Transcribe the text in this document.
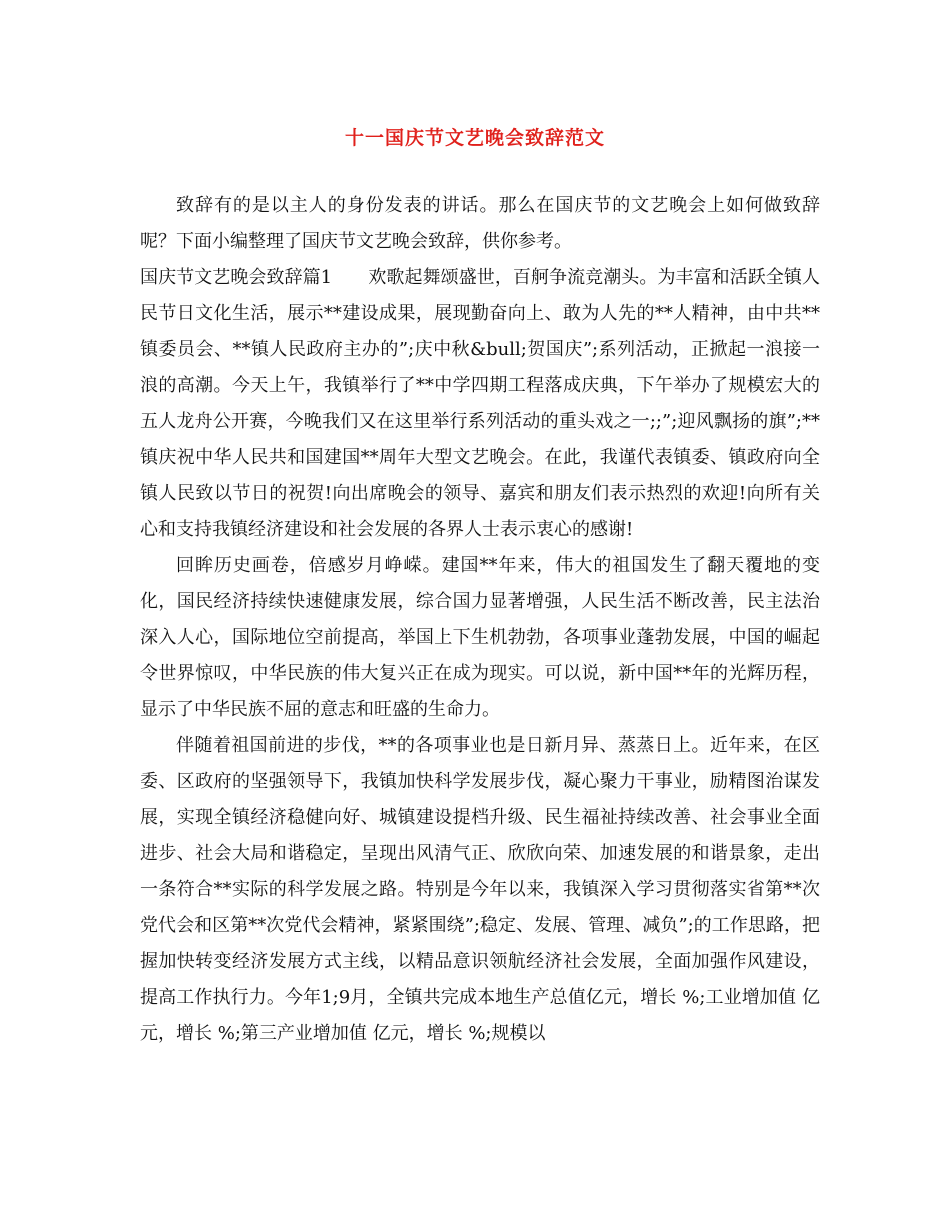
十一国庆节文艺晚会致辞范文

致辞有的是以主人的身份发表的讲话。那么在国庆节的文艺晚会上如何做致辞呢？下面小编整理了国庆节文艺晚会致辞，供你参考。

国庆节文艺晚会致辞篇1　　欢歌起舞颂盛世，百舸争流竞潮头。为丰富和活跃全镇人民节日文化生活，展示**建设成果，展现勤奋向上、敢为人先的**人精神，由中共**镇委员会、**镇人民政府主办的”;庆中秋&bull;贺国庆”;系列活动，正掀起一浪接一浪的高潮。今天上午，我镇举行了**中学四期工程落成庆典，下午举办了规模宏大的五人龙舟公开赛，今晚我们又在这里举行系列活动的重头戏之一;;”;迎风飘扬的旗”;**镇庆祝中华人民共和国建国**周年大型文艺晚会。在此，我谨代表镇委、镇政府向全镇人民致以节日的祝贺!向出席晚会的领导、嘉宾和朋友们表示热烈的欢迎!向所有关心和支持我镇经济建设和社会发展的各界人士表示衷心的感谢!

回眸历史画卷，倍感岁月峥嵘。建国**年来，伟大的祖国发生了翻天覆地的变化，国民经济持续快速健康发展，综合国力显著增强，人民生活不断改善，民主法治深入人心，国际地位空前提高，举国上下生机勃勃，各项事业蓬勃发展，中国的崛起令世界惊叹，中华民族的伟大复兴正在成为现实。可以说，新中国**年的光辉历程，显示了中华民族不屈的意志和旺盛的生命力。

伴随着祖国前进的步伐，**的各项事业也是日新月异、蒸蒸日上。近年来，在区委、区政府的坚强领导下，我镇加快科学发展步伐，凝心聚力干事业，励精图治谋发展，实现全镇经济稳健向好、城镇建设提档升级、民生福祉持续改善、社会事业全面进步、社会大局和谐稳定，呈现出风清气正、欣欣向荣、加速发展的和谐景象，走出一条符合**实际的科学发展之路。特别是今年以来，我镇深入学习贯彻落实省第**次党代会和区第**次党代会精神，紧紧围绕”;稳定、发展、管理、减负”;的工作思路，把握加快转变经济发展方式主线，以精品意识领航经济社会发展，全面加强作风建设，提高工作执行力。今年1;9月，全镇共完成本地生产总值亿元，增长 %;工业增加值 亿元，增长 %;第三产业增加值 亿元，增长 %;规模以
